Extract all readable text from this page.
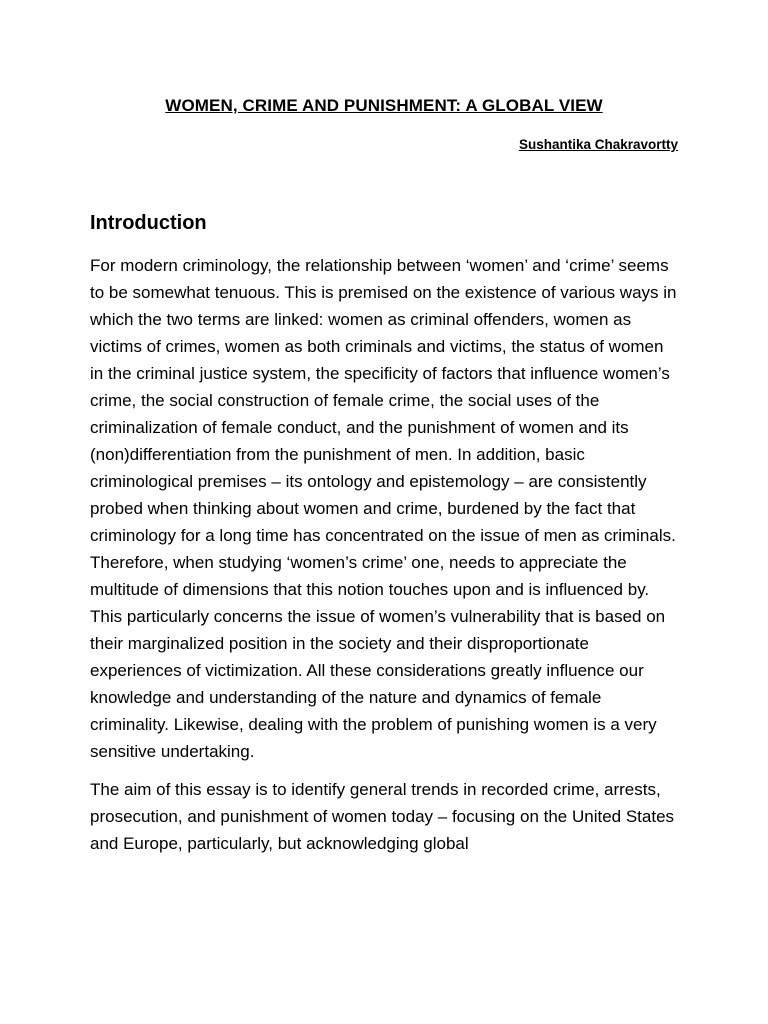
WOMEN, CRIME AND PUNISHMENT: A GLOBAL VIEW
Sushantika Chakravortty
Introduction

For modern criminology, the relationship between ‘women’ and ‘crime’ seems to be somewhat tenuous. This is premised on the existence of various ways in which the two terms are linked: women as criminal offenders, women as victims of crimes, women as both criminals and victims, the status of women in the criminal justice system, the specificity of factors that influence women’s crime, the social construction of female crime, the social uses of the criminalization of female conduct, and the punishment of women and its (non)differentiation from the punishment of men. In addition, basic criminological premises – its ontology and epistemology – are consistently probed when thinking about women and crime, burdened by the fact that criminology for a long time has concentrated on the issue of men as criminals. Therefore, when studying ‘women’s crime’ one, needs to appreciate the multitude of dimensions that this notion touches upon and is influenced by. This particularly concerns the issue of women’s vulnerability that is based on their marginalized position in the society and their disproportionate experiences of victimization. All these considerations greatly influence our knowledge and understanding of the nature and dynamics of female criminality. Likewise, dealing with the problem of punishing women is a very sensitive undertaking.

The aim of this essay is to identify general trends in recorded crime, arrests, prosecution, and punishment of women today – focusing on the United States and Europe, particularly, but acknowledging global
